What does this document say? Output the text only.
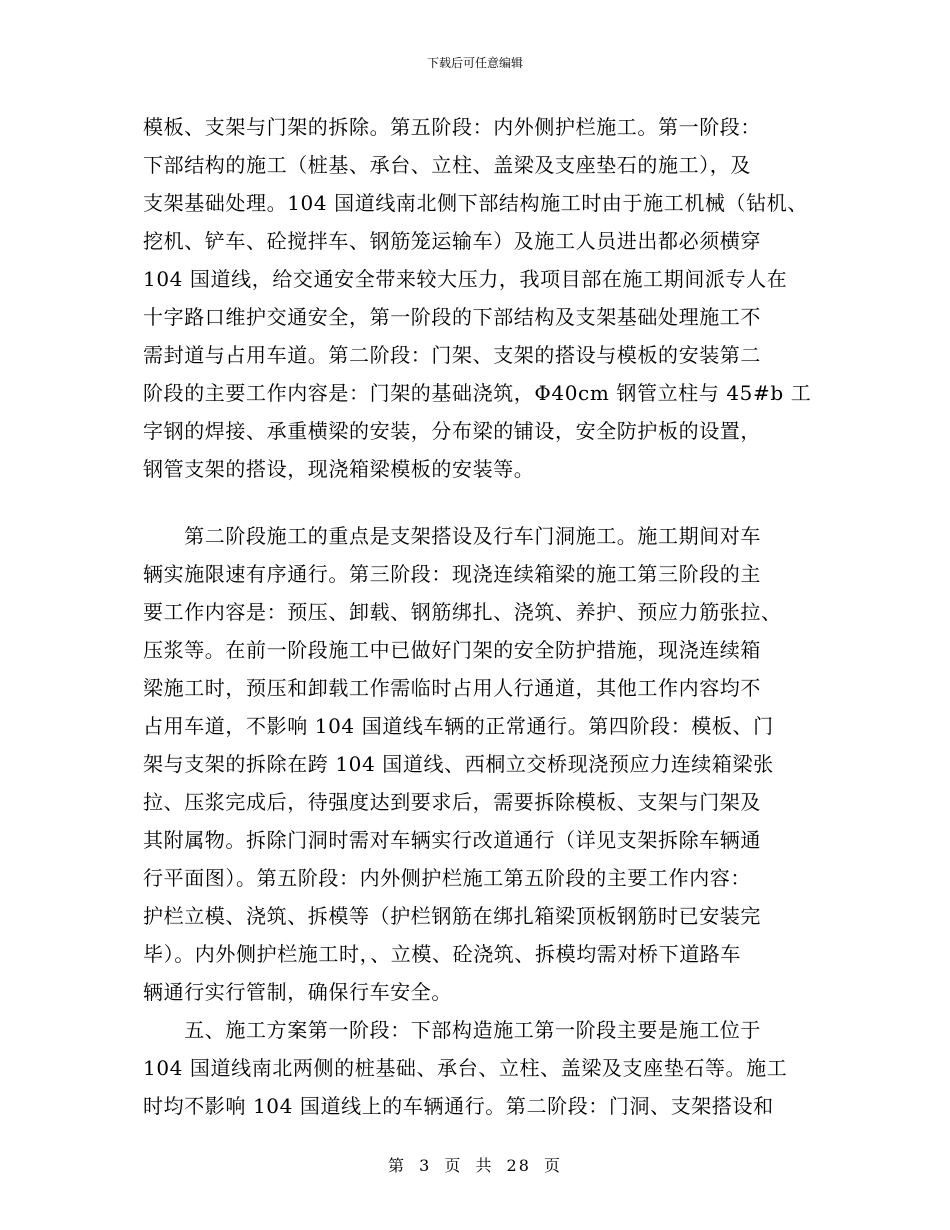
下载后可任意编辑
模板、支架与门架的拆除。第五阶段：内外侧护栏施工。第一阶段：
下部结构的施工（桩基、承台、立柱、盖梁及支座垫石的施工），及
支架基础处理。104 国道线南北侧下部结构施工时由于施工机械（钻机、
挖机、铲车、砼搅拌车、钢筋笼运输车）及施工人员进出都必须横穿
104 国道线，给交通安全带来较大压力，我项目部在施工期间派专人在
十字路口维护交通安全，第一阶段的下部结构及支架基础处理施工不
需封道与占用车道。第二阶段：门架、支架的搭设与模板的安装第二
阶段的主要工作内容是：门架的基础浇筑，Φ40cm 钢管立柱与 45#b 工
字钢的焊接、承重横梁的安装，分布梁的铺设，安全防护板的设置，
钢管支架的搭设，现浇箱梁模板的安装等。
　　第二阶段施工的重点是支架搭设及行车门洞施工。施工期间对车
辆实施限速有序通行。第三阶段：现浇连续箱梁的施工第三阶段的主
要工作内容是：预压、卸载、钢筋绑扎、浇筑、养护、预应力筋张拉、
压浆等。在前一阶段施工中已做好门架的安全防护措施，现浇连续箱
梁施工时，预压和卸载工作需临时占用人行通道，其他工作内容均不
占用车道，不影响 104 国道线车辆的正常通行。第四阶段：模板、门
架与支架的拆除在跨 104 国道线、西桐立交桥现浇预应力连续箱梁张
拉、压浆完成后，待强度达到要求后，需要拆除模板、支架与门架及
其附属物。拆除门洞时需对车辆实行改道通行（详见支架拆除车辆通
行平面图）。第五阶段：内外侧护栏施工第五阶段的主要工作内容：
护栏立模、浇筑、拆模等（护栏钢筋在绑扎箱梁顶板钢筋时已安装完
毕）。内外侧护栏施工时，、立模、砼浇筑、拆模均需对桥下道路车
辆通行实行管制，确保行车安全。
　　五、施工方案第一阶段：下部构造施工第一阶段主要是施工位于
104 国道线南北两侧的桩基础、承台、立柱、盖梁及支座垫石等。施工
时均不影响 104 国道线上的车辆通行。第二阶段：门洞、支架搭设和
第 3 页 共 28 页
